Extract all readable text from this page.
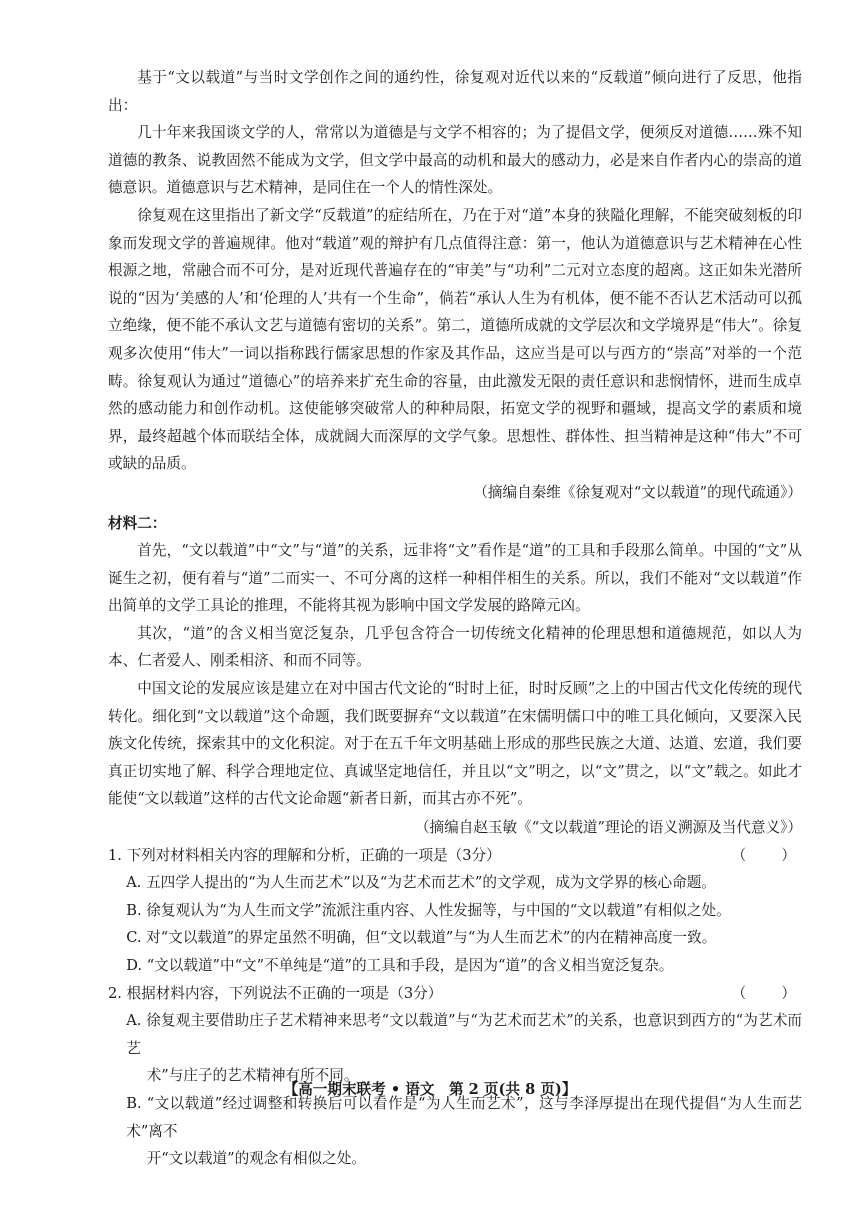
基于“文以载道”与当时文学创作之间的通约性，徐复观对近代以来的“反载道”倾向进行了反思，他指出：

几十年来我国谈文学的人，常常以为道德是与文学不相容的；为了提倡文学，便须反对道德……殊不知道德的教条、说教固然不能成为文学，但文学中最高的动机和最大的感动力，必是来自作者内心的崇高的道德意识。道德意识与艺术精神，是同住在一个人的情性深处。

徐复观在这里指出了新文学“反载道”的症结所在，乃在于对“道”本身的狭隘化理解，不能突破刻板的印象而发现文学的普遍规律。他对“载道”观的辩护有几点值得注意：第一，他认为道德意识与艺术精神在心性根源之地，常融合而不可分，是对近现代普遍存在的“审美”与“功利”二元对立态度的超离。这正如朱光潜所说的“因为‘美感的人’和‘伦理的人’共有一个生命”，倘若“承认人生为有机体，便不能不否认艺术活动可以孤立绝缘，便不能不承认文艺与道德有密切的关系”。第二，道德所成就的文学层次和文学境界是“伟大”。徐复观多次使用“伟大”一词以指称践行儒家思想的作家及其作品，这应当是可以与西方的“崇高”对举的一个范畴。徐复观认为通过“道德心”的培养来扩充生命的容量，由此激发无限的责任意识和悲悯情怀，进而生成卓然的感动能力和创作动机。这使能够突破常人的种种局限，拓宽文学的视野和疆域，提高文学的素质和境界，最终超越个体而联结全体，成就阔大而深厚的文学气象。思想性、群体性、担当精神是这种“伟大”不可或缺的品质。

（摘编自秦维《徐复观对“文以载道”的现代疏通》）

材料二：

首先，“文以载道”中“文”与“道”的关系，远非将“文”看作是“道”的工具和手段那么简单。中国的“文”从诞生之初，便有着与“道”二而实一、不可分离的这样一种相伴相生的关系。所以，我们不能对“文以载道”作出简单的文学工具论的推理，不能将其视为影响中国文学发展的路障元凶。

其次，“道”的含义相当宽泛复杂，几乎包含符合一切传统文化精神的伦理思想和道德规范，如以人为本、仁者爱人、刚柔相济、和而不同等。

中国文论的发展应该是建立在对中国古代文论的“时时上征，时时反顾”之上的中国古代文化传统的现代转化。细化到“文以载道”这个命题，我们既要摒弃“文以载道”在宋儒明儒口中的唯工具化倾向，又要深入民族文化传统，探索其中的文化积淀。对于在五千年文明基础上形成的那些民族之大道、达道、宏道，我们要真正切实地了解、科学合理地定位、真诚坚定地信任，并且以“文”明之，以“文”贯之，以“文”载之。如此才能使“文以载道”这样的古代文论命题“新者日新，而其古亦不死”。

（摘编自赵玉敏《“文以载道”理论的语义溯源及当代意义》）

1. 下列对材料相关内容的理解和分析，正确的一项是（3分）	（　　）

A. 五四学人提出的“为人生而艺术”以及“为艺术而艺术”的文学观，成为文学界的核心命题。

B. 徐复观认为“为人生而文学”流派注重内容、人性发掘等，与中国的“文以载道”有相似之处。

C. 对“文以载道”的界定虽然不明确，但“文以载道”与“为人生而艺术”的内在精神高度一致。

D. “文以载道”中“文”不单纯是“道”的工具和手段，是因为“道”的含义相当宽泛复杂。

2. 根据材料内容，下列说法不正确的一项是（3分）	（　　）

A. 徐复观主要借助庄子艺术精神来思考“文以载道”与“为艺术而艺术”的关系，也意识到西方的“为艺术而艺
术”与庄子的艺术精神有所不同。

B. “文以载道”经过调整和转换后可以看作是“为人生而艺术”，这与李泽厚提出在现代提倡“为人生而艺术”离不
开“文以载道”的观念有相似之处。

【高一期末联考 • 语文　第 2 页(共 8 页)】
